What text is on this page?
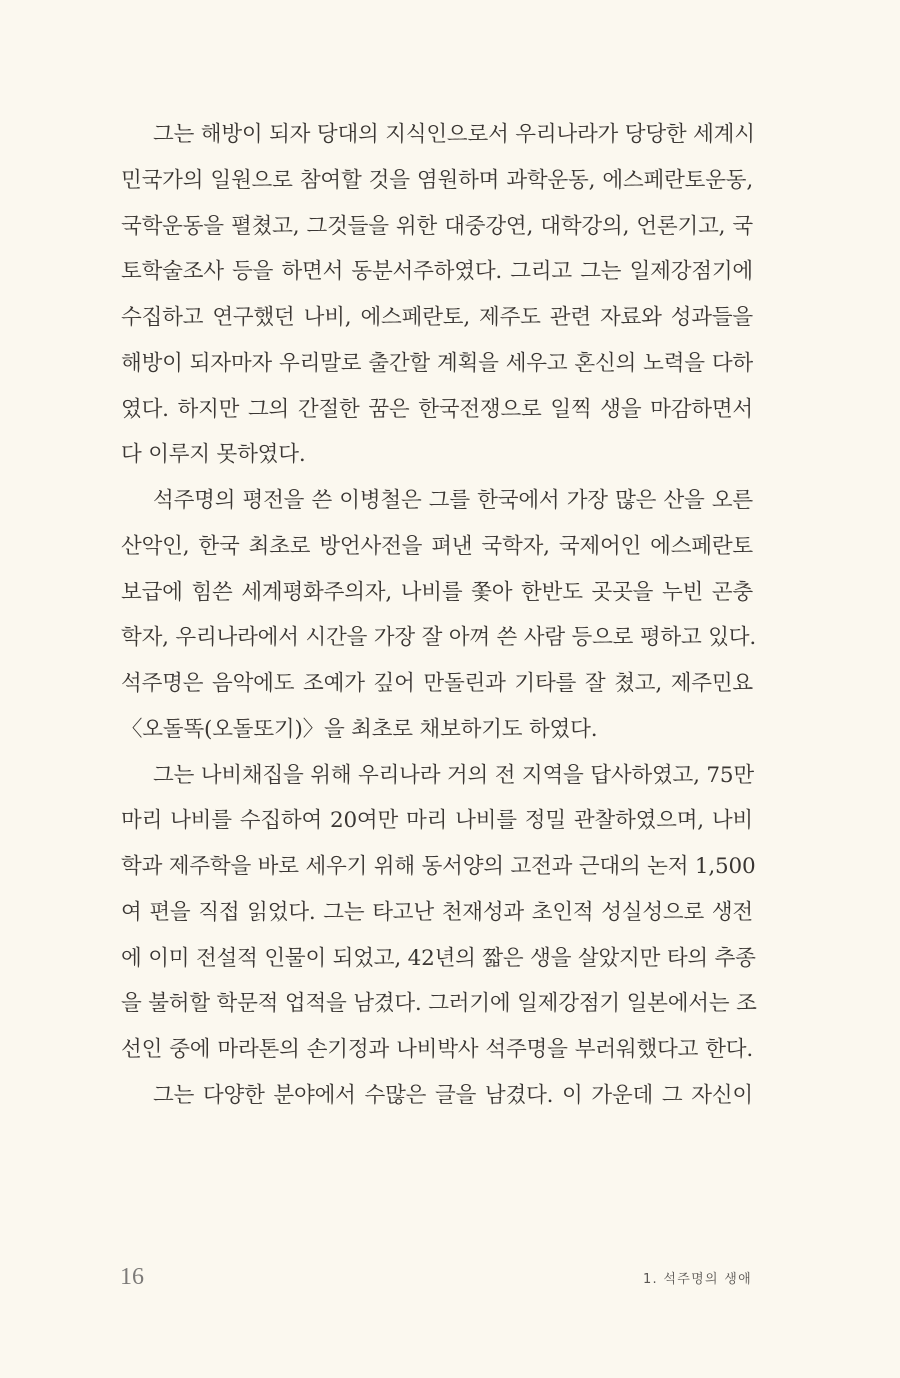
그는 해방이 되자 당대의 지식인으로서 우리나라가 당당한 세계시
민국가의 일원으로 참여할 것을 염원하며 과학운동, 에스페란토운동,
국학운동을 펼쳤고, 그것들을 위한 대중강연, 대학강의, 언론기고, 국
토학술조사 등을 하면서 동분서주하였다. 그리고 그는 일제강점기에
수집하고 연구했던 나비, 에스페란토, 제주도 관련 자료와 성과들을
해방이 되자마자 우리말로 출간할 계획을 세우고 혼신의 노력을 다하
였다. 하지만 그의 간절한 꿈은 한국전쟁으로 일찍 생을 마감하면서
다 이루지 못하였다.
석주명의 평전을 쓴 이병철은 그를 한국에서 가장 많은 산을 오른
산악인, 한국 최초로 방언사전을 펴낸 국학자, 국제어인 에스페란토
보급에 힘쓴 세계평화주의자, 나비를 쫓아 한반도 곳곳을 누빈 곤충
학자, 우리나라에서 시간을 가장 잘 아껴 쓴 사람 등으로 평하고 있다.
석주명은 음악에도 조예가 깊어 만돌린과 기타를 잘 쳤고, 제주민요
〈오돌똑(오돌또기)〉을 최초로 채보하기도 하였다.
그는 나비채집을 위해 우리나라 거의 전 지역을 답사하였고, 75만
마리 나비를 수집하여 20여만 마리 나비를 정밀 관찰하였으며, 나비
학과 제주학을 바로 세우기 위해 동서양의 고전과 근대의 논저 1,500
여 편을 직접 읽었다. 그는 타고난 천재성과 초인적 성실성으로 생전
에 이미 전설적 인물이 되었고, 42년의 짧은 생을 살았지만 타의 추종
을 불허할 학문적 업적을 남겼다. 그러기에 일제강점기 일본에서는 조
선인 중에 마라톤의 손기정과 나비박사 석주명을 부러워했다고 한다.
그는 다양한 분야에서 수많은 글을 남겼다. 이 가운데 그 자신이
16	1. 석주명의 생애
